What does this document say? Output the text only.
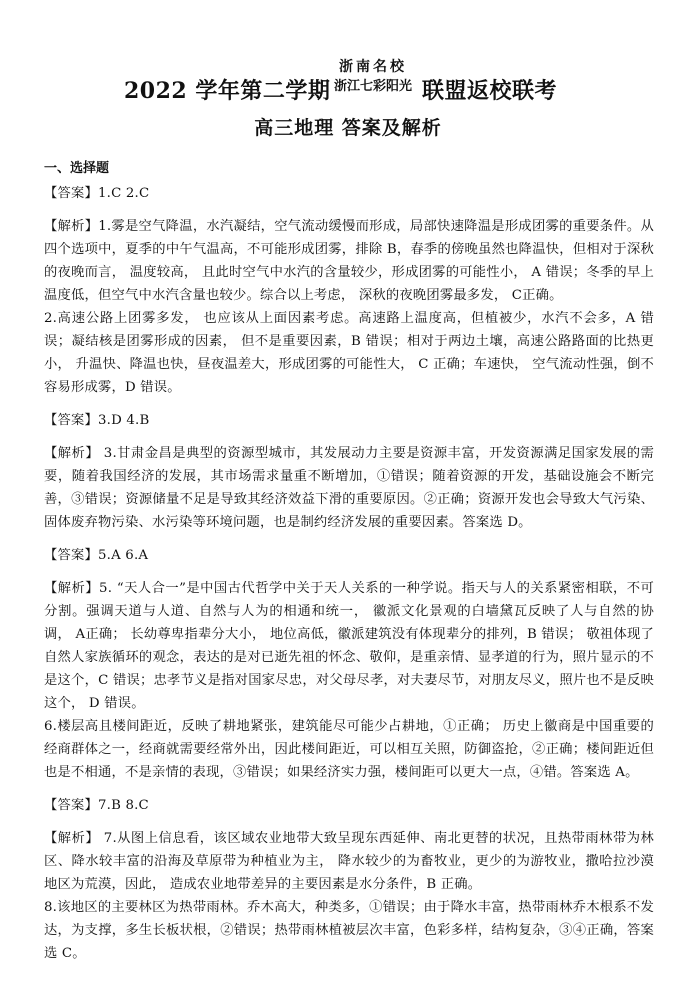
2022 学年第二学期
浙南名校
浙江七彩阳光 联盟返校联考
高三地理 答案及解析
一、选择题

【答案】1.C 2.C

【解析】1.雾是空气降温，水汽凝结，空气流动缓慢而形成，局部快速降温是形成团雾的重要条件。从四个选项中，夏季的中午气温高，不可能形成团雾，排除 B，春季的傍晚虽然也降温快，但相对于深秋的夜晚而言， 温度较高， 且此时空气中水汽的含量较少，形成团雾的可能性小， A 错误；冬季的早上温度低，但空气中水汽含量也较少。综合以上考虑， 深秋的夜晚团雾最多发， C正确。

2.高速公路上团雾多发， 也应该从上面因素考虑。高速路上温度高，但植被少，水汽不会多，A 错误；凝结核是团雾形成的因素， 但不是重要因素，B 错误；相对于两边土壤，高速公路路面的比热更小， 升温快、降温也快，昼夜温差大，形成团雾的可能性大， C 正确；车速快， 空气流动性强，倒不容易形成雾，D 错误。

【答案】3.D 4.B

【解析】 3.甘肃金昌是典型的资源型城市，其发展动力主要是资源丰富，开发资源满足国家发展的需要，随着我国经济的发展，其市场需求量重不断增加，①错误；随着资源的开发，基础设施会不断完善，③错误；资源储量不足是导致其经济效益下滑的重要原因。②正确；资源开发也会导致大气污染、固体废弃物污染、水污染等环境问题，也是制约经济发展的重要因素。答案选 D。

【答案】5.A 6.A

【解析】5. “天人合一”是中国古代哲学中关于天人关系的一种学说。指天与人的关系紧密相联，不可分割。强调天道与人道、自然与人为的相通和统一， 徽派文化景观的白墙黛瓦反映了人与自然的协调， A正确； 长幼尊卑指辈分大小， 地位高低，徽派建筑没有体现辈分的排列，B 错误； 敬祖体现了自然人家族循环的观念，表达的是对已逝先祖的怀念、敬仰，是重亲情、显孝道的行为，照片显示的不是这个，C 错误；忠孝节义是指对国家尽忠，对父母尽孝，对夫妻尽节，对朋友尽义，照片也不是反映这个， D 错误。

6.楼层高且楼间距近，反映了耕地紧张，建筑能尽可能少占耕地，①正确； 历史上徽商是中国重要的经商群体之一，经商就需要经常外出，因此楼间距近，可以相互关照，防御盗抢，②正确；楼间距近但也是不相通，不是亲情的表现，③错误；如果经济实力强，楼间距可以更大一点，④错。答案选 A。

【答案】7.B 8.C

【解析】 7.从图上信息看，该区域农业地带大致呈现东西延伸、南北更替的状况，且热带雨林带为林区、降水较丰富的沿海及草原带为种植业为主， 降水较少的为畜牧业，更少的为游牧业，撒哈拉沙漠地区为荒漠，因此， 造成农业地带差异的主要因素是水分条件，B 正确。

8.该地区的主要林区为热带雨林。乔木高大，种类多，①错误；由于降水丰富，热带雨林乔木根系不发达，为支撑，多生长板状根，②错误；热带雨林植被层次丰富，色彩多样，结构复杂，③④正确，答案选 C。
